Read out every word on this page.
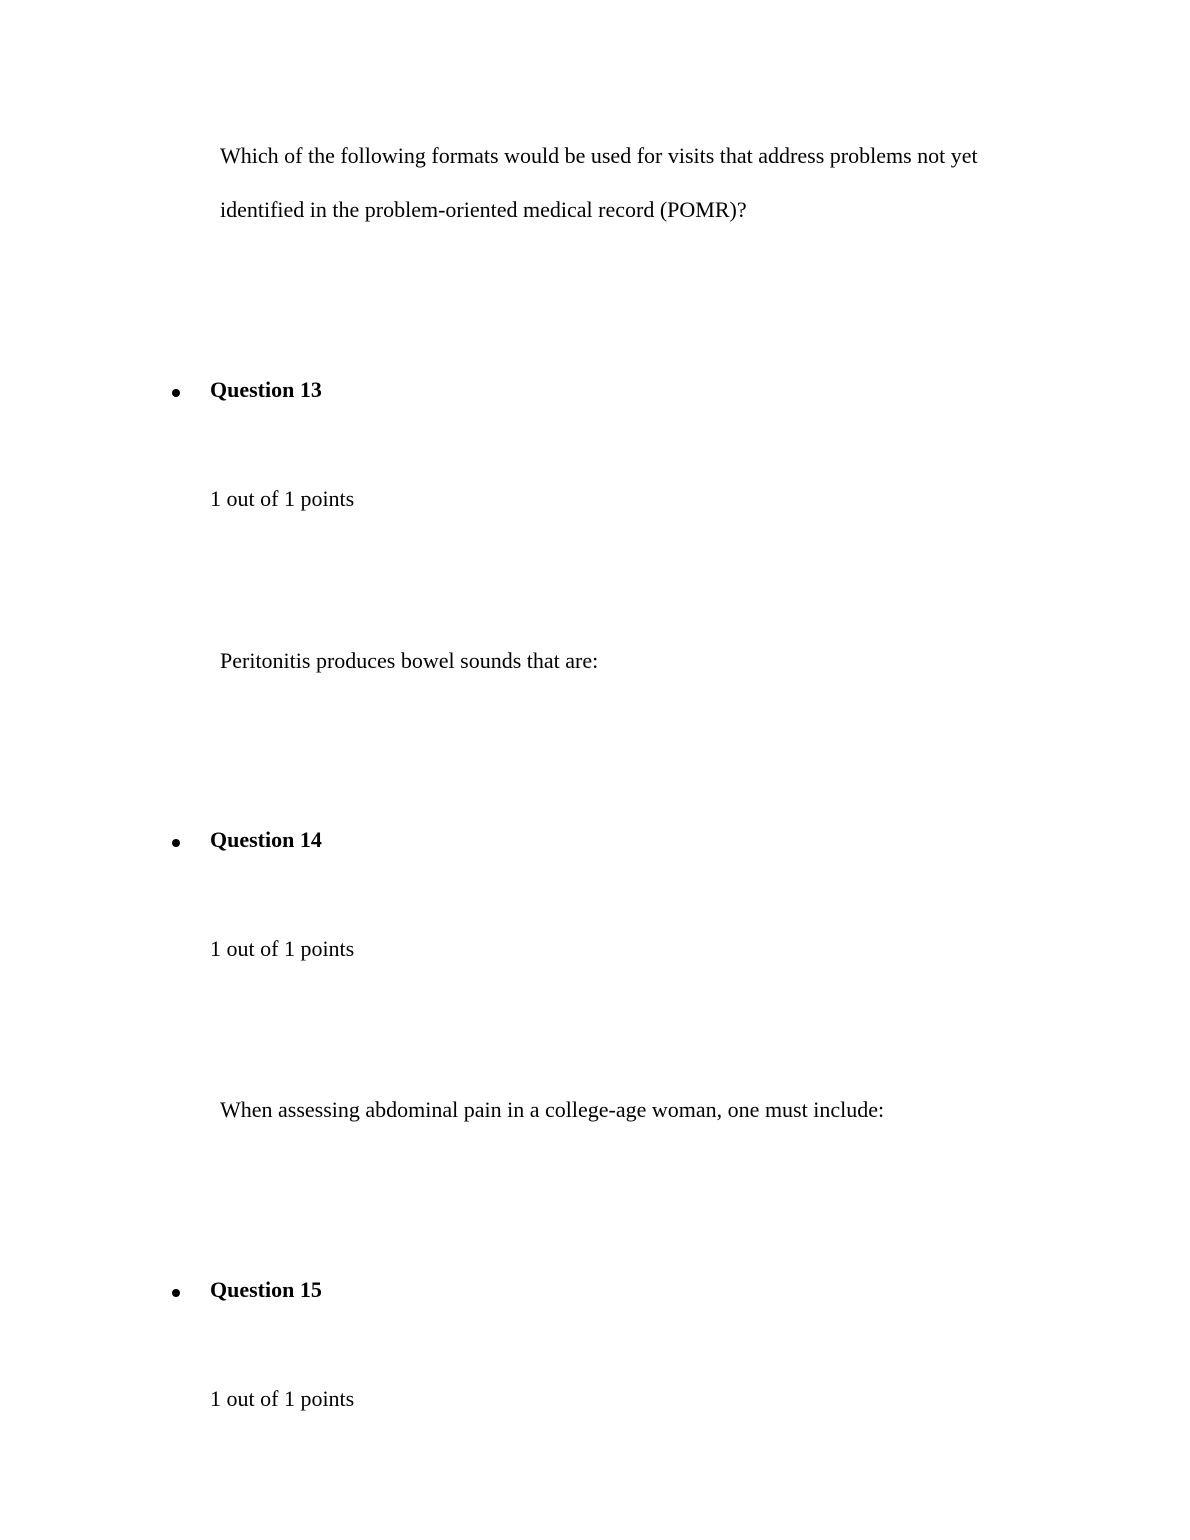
Which of the following formats would be used for visits that address problems not yet
identified in the problem-oriented medical record (POMR)?
Question 13
1 out of 1 points
Peritonitis produces bowel sounds that are:
Question 14
1 out of 1 points
When assessing abdominal pain in a college-age woman, one must include:
Question 15
1 out of 1 points
